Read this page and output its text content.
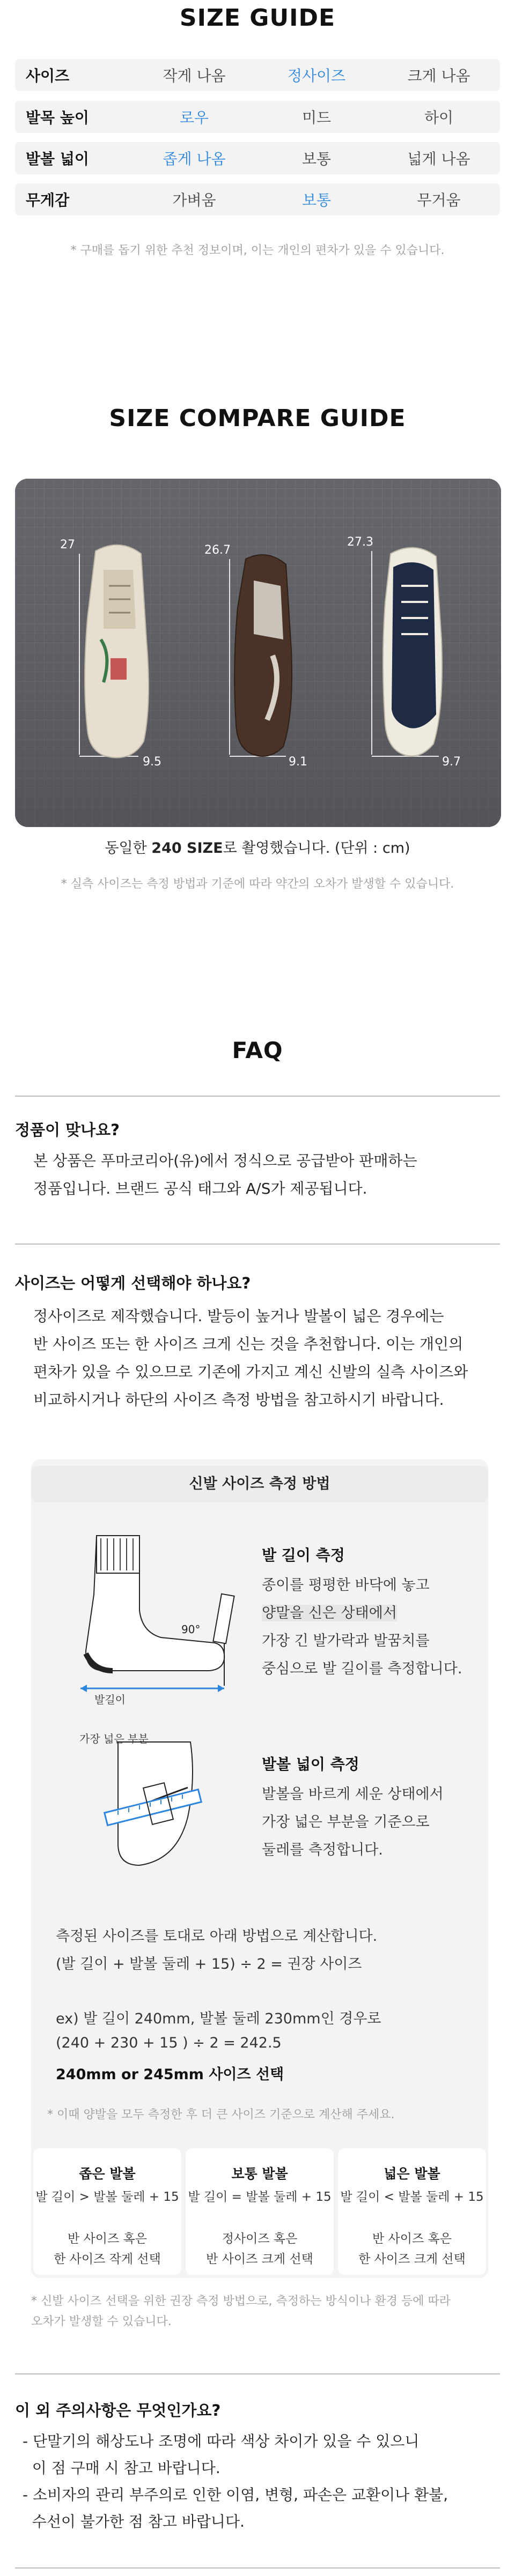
SIZE GUIDE
사이즈	작게 나옴	정사이즈	크게 나옴
발목 높이	로우	미드	하이
발볼 넓이	좁게 나옴	보통	넓게 나옴
무게감	가벼움	보통	무거움
* 구매를 돕기 위한 추천 정보이며, 이는 개인의 편차가 있을 수 있습니다.
SIZE COMPARE GUIDE
27
9.5
26.7
9.1
27.3
9.7
동일한 240 SIZE로 촬영했습니다. (단위 : cm)
* 실측 사이즈는 측정 방법과 기준에 따라 약간의 오차가 발생할 수 있습니다.
FAQ
정품이 맞나요?
본 상품은 푸마코리아(유)에서 정식으로 공급받아 판매하는
정품입니다. 브랜드 공식 태그와 A/S가 제공됩니다.
사이즈는 어떻게 선택해야 하나요?
정사이즈로 제작했습니다. 발등이 높거나 발볼이 넓은 경우에는
반 사이즈 또는 한 사이즈 크게 신는 것을 추천합니다. 이는 개인의
편차가 있을 수 있으므로 기존에 가지고 계신 신발의 실측 사이즈와
비교하시거나 하단의 사이즈 측정 방법을 참고하시기 바랍니다.
신발 사이즈 측정 방법
90°
발길이
발 길이 측정
종이를 평평한 바닥에 놓고
양말을 신은 상태에서
가장 긴 발가락과 발꿈치를
중심으로 발 길이를 측정합니다.
가장 넓은 부분
발볼 넓이 측정
발볼을 바르게 세운 상태에서
가장 넓은 부분을 기준으로
둘레를 측정합니다.
측정된 사이즈를 토대로 아래 방법으로 계산합니다.
(발 길이 + 발볼 둘레 + 15) ÷ 2 = 권장 사이즈
ex) 발 길이 240mm, 발볼 둘레 230mm인 경우로
(240 + 230 + 15 ) ÷ 2 = 242.5
240mm or 245mm 사이즈 선택
* 이때 양발을 모두 측정한 후 더 큰 사이즈 기준으로 계산해 주세요.
좁은 발볼
발 길이 > 발볼 둘레 + 15
반 사이즈 혹은
한 사이즈 작게 선택
보통 발볼
발 길이 = 발볼 둘레 + 15
정사이즈 혹은
반 사이즈 크게 선택
넓은 발볼
발 길이 < 발볼 둘레 + 15
반 사이즈 혹은
한 사이즈 크게 선택
* 신발 사이즈 선택을 위한 권장 측정 방법으로, 측정하는 방식이나 환경 등에 따라
오차가 발생할 수 있습니다.
이 외 주의사항은 무엇인가요?
- 단말기의 해상도나 조명에 따라 색상 차이가 있을 수 있으니
이 점 구매 시 참고 바랍니다.
- 소비자의 관리 부주의로 인한 이염, 변형, 파손은 교환이나 환불,
수선이 불가한 점 참고 바랍니다.
